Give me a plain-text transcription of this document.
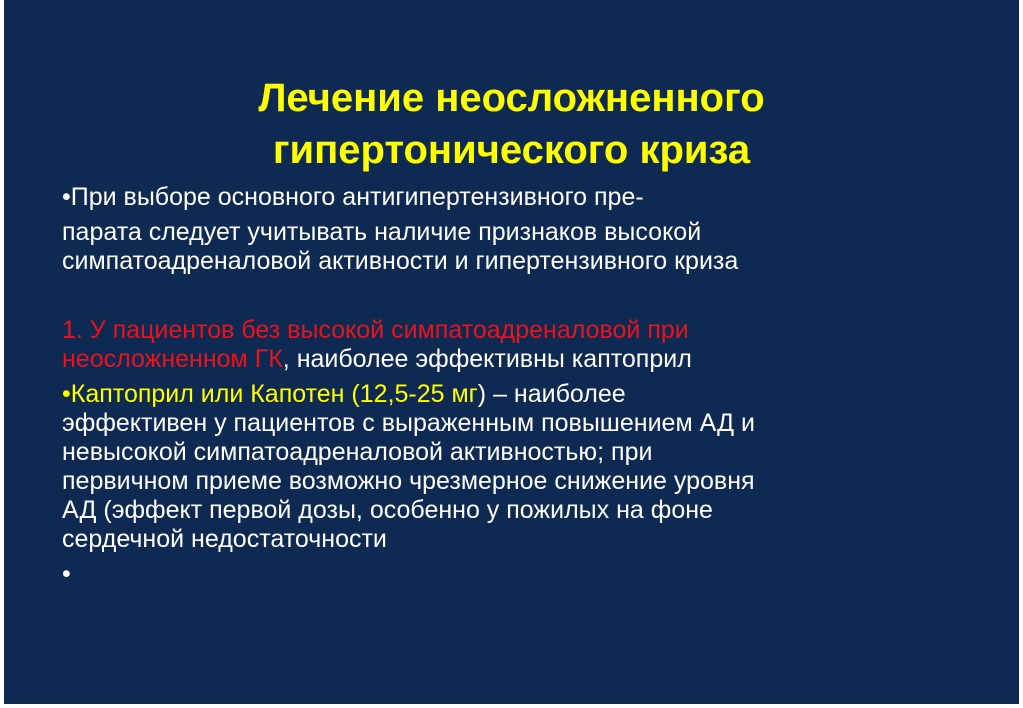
Лечение неосложненного
гипертонического криза

•При выборе основного антигипертензивного пре-

парата следует учитывать наличие признаков высокой

симпатоадреналовой активности и гипертензивного криза

1. У пациентов без высокой симпатоадреналовой при

неосложненном ГК, наиболее эффективны каптоприл

•Каптоприл или Капотен (12,5-25 мг) – наиболее

эффективен у пациентов с выраженным повышением АД и

невысокой симпатоадреналовой активностью; при

первичном приеме возможно чрезмерное снижение уровня

АД (эффект первой дозы, особенно у пожилых на фоне

сердечной недостаточности

•
